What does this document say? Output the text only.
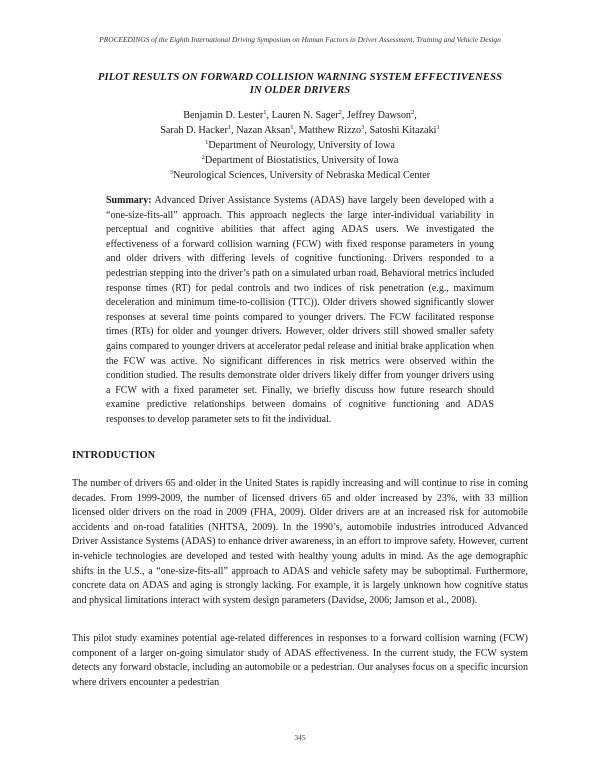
PROCEEDINGS of the Eighth International Driving Symposium on Human Factors in Driver Assessment, Training and Vehicle Design
PILOT RESULTS ON FORWARD COLLISION WARNING SYSTEM EFFECTIVENESS
IN OLDER DRIVERS
Benjamin D. Lester$^1$, Lauren N. Sager$^2$, Jeffrey Dawson$^2$,
Sarah D. Hacker$^1$, Nazan Aksan$^1$, Matthew Rizzo$^3$, Satoshi Kitazaki$^1$
$^1$Department of Neurology, University of Iowa
$^2$Department of Biostatistics, University of Iowa
$^3$Neurological Sciences, University of Nebraska Medical Center
Summary: Advanced Driver Assistance Systems (ADAS) have largely been developed with a “one-size-fits-all” approach. This approach neglects the large inter-individual variability in perceptual and cognitive abilities that affect aging ADAS users. We investigated the effectiveness of a forward collision warning (FCW) with fixed response parameters in young and older drivers with differing levels of cognitive functioning. Drivers responded to a pedestrian stepping into the driver’s path on a simulated urban road. Behavioral metrics included response times (RT) for pedal controls and two indices of risk penetration (e.g., maximum deceleration and minimum time-to-collision (TTC)). Older drivers showed significantly slower responses at several time points compared to younger drivers. The FCW facilitated response times (RTs) for older and younger drivers. However, older drivers still showed smaller safety gains compared to younger drivers at accelerator pedal release and initial brake application when the FCW was active. No significant differences in risk metrics were observed within the condition studied. The results demonstrate older drivers likely differ from younger drivers using a FCW with a fixed parameter set. Finally, we briefly discuss how future research should examine predictive relationships between domains of cognitive functioning and ADAS responses to develop parameter sets to fit the individual.
INTRODUCTION
The number of drivers 65 and older in the United States is rapidly increasing and will continue to rise in coming decades. From 1999-2009, the number of licensed drivers 65 and older increased by 23%, with 33 million licensed older drivers on the road in 2009 (FHA, 2009). Older drivers are at an increased risk for automobile accidents and on-road fatalities (NHTSA, 2009). In the 1990’s, automobile industries introduced Advanced Driver Assistance Systems (ADAS) to enhance driver awareness, in an effort to improve safety. However, current in-vehicle technologies are developed and tested with healthy young adults in mind. As the age demographic shifts in the U.S., a “one-size-fits-all” approach to ADAS and vehicle safety may be suboptimal. Furthermore, concrete data on ADAS and aging is strongly lacking. For example, it is largely unknown how cognitive status and physical limitations interact with system design parameters (Davidse, 2006; Jamson et al., 2008).
This pilot study examines potential age-related differences in responses to a forward collision warning (FCW) component of a larger on-going simulator study of ADAS effectiveness. In the current study, the FCW system detects any forward obstacle, including an automobile or a pedestrian. Our analyses focus on a specific incursion where drivers encounter a pedestrian
345
